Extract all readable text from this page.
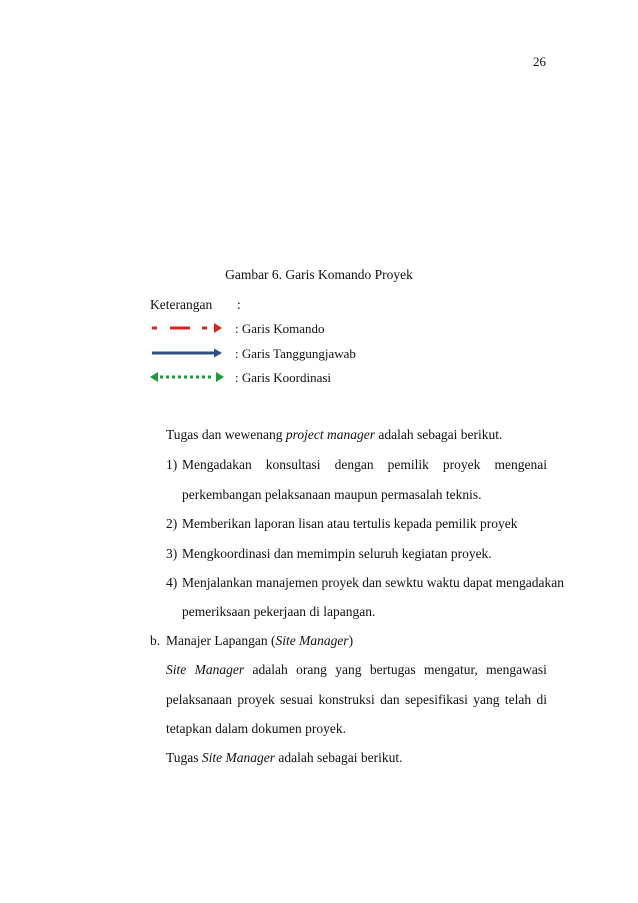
26
Gambar 6. Garis Komando Proyek
Keterangan :
: Garis Komando
: Garis Tanggungjawab
: Garis Koordinasi
Tugas dan wewenang project manager adalah sebagai berikut.
1) Mengadakan konsultasi dengan pemilik proyek mengenai
perkembangan pelaksanaan maupun permasalah teknis.
2) Memberikan laporan lisan atau tertulis kepada pemilik proyek
3) Mengkoordinasi dan memimpin seluruh kegiatan proyek.
4) Menjalankan manajemen proyek dan sewktu waktu dapat mengadakan
pemeriksaan pekerjaan di lapangan.
b. Manajer Lapangan (Site Manager)
Site Manager adalah orang yang bertugas mengatur, mengawasi
pelaksanaan proyek sesuai konstruksi dan sepesifikasi yang telah di
tetapkan dalam dokumen proyek.
Tugas Site Manager adalah sebagai berikut.
